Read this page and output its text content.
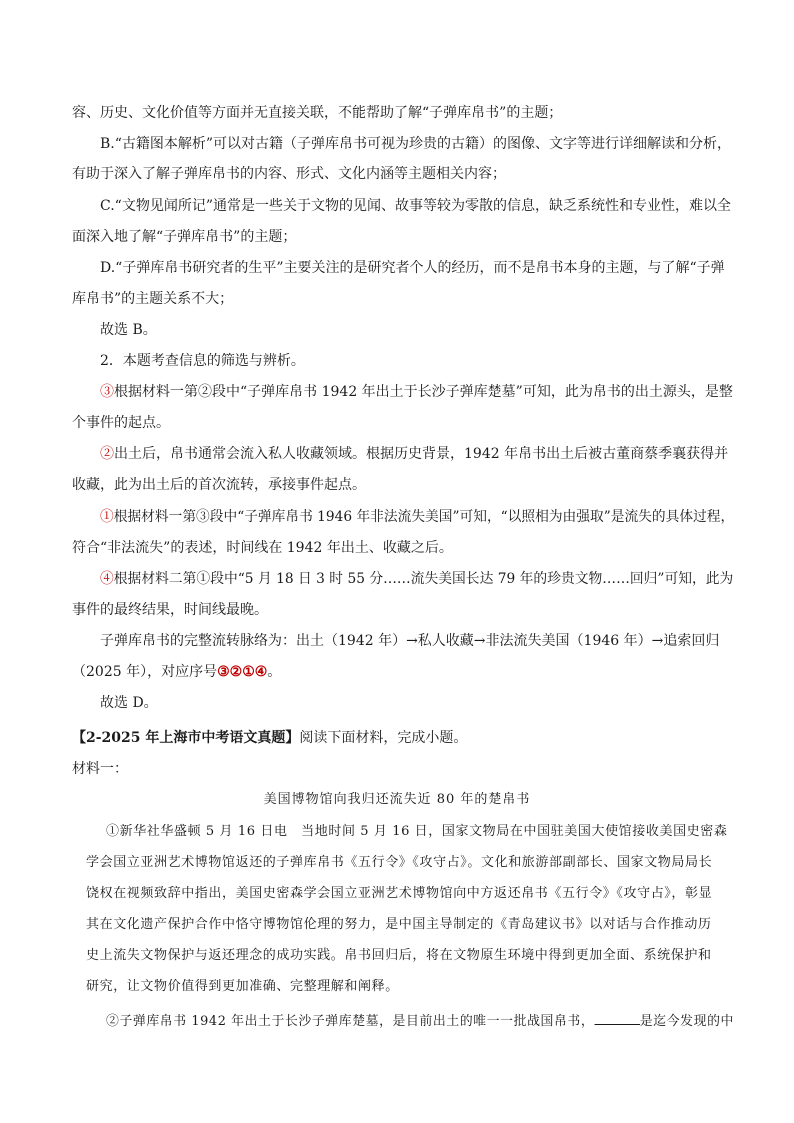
容、历史、文化价值等方面并无直接关联，不能帮助了解“子弹库帛书”的主题；
B.“古籍图本解析”可以对古籍（子弹库帛书可视为珍贵的古籍）的图像、文字等进行详细解读和分析，
有助于深入了解子弹库帛书的内容、形式、文化内涵等主题相关内容；
C.“文物见闻所记”通常是一些关于文物的见闻、故事等较为零散的信息，缺乏系统性和专业性，难以全
面深入地了解“子弹库帛书”的主题；
D.“子弹库帛书研究者的生平”主要关注的是研究者个人的经历，而不是帛书本身的主题，与了解“子弹
库帛书”的主题关系不大；
故选 B。
2．本题考查信息的筛选与辨析。
③根据材料一第②段中“子弹库帛书 1942 年出土于长沙子弹库楚墓”可知，此为帛书的出土源头，是整
个事件的起点。
②出土后，帛书通常会流入私人收藏领域。根据历史背景，1942 年帛书出土后被古董商蔡季襄获得并
收藏，此为出土后的首次流转，承接事件起点。
①根据材料一第③段中“子弹库帛书 1946 年非法流失美国”可知，“以照相为由强取”是流失的具体过程，
符合“非法流失”的表述，时间线在 1942 年出土、收藏之后。
④根据材料二第①段中“5 月 18 日 3 时 55 分……流失美国长达 79 年的珍贵文物……回归”可知，此为
事件的最终结果，时间线最晚。
子弹库帛书的完整流转脉络为：出土（1942 年）→私人收藏→非法流失美国（1946 年）→追索回归
（2025 年），对应序号③②①④。
故选 D。
【2-2025 年上海市中考语文真题】阅读下面材料，完成小题。
材料一：
美国博物馆向我归还流失近 80 年的楚帛书
①新华社华盛顿 5 月 16 日电　当地时间 5 月 16 日，国家文物局在中国驻美国大使馆接收美国史密森
学会国立亚洲艺术博物馆返还的子弹库帛书《五行令》《攻守占》。文化和旅游部副部长、国家文物局局长
饶权在视频致辞中指出，美国史密森学会国立亚洲艺术博物馆向中方返还帛书《五行令》《攻守占》，彰显
其在文化遗产保护合作中恪守博物馆伦理的努力，是中国主导制定的《青岛建议书》以对话与合作推动历
史上流失文物保护与返还理念的成功实践。帛书回归后，将在文物原生环境中得到更加全面、系统保护和
研究，让文物价值得到更加准确、完整理解和阐释。
②子弹库帛书 1942 年出土于长沙子弹库楚墓，是目前出土的唯一一批战国帛书，	是迄今发现的中
